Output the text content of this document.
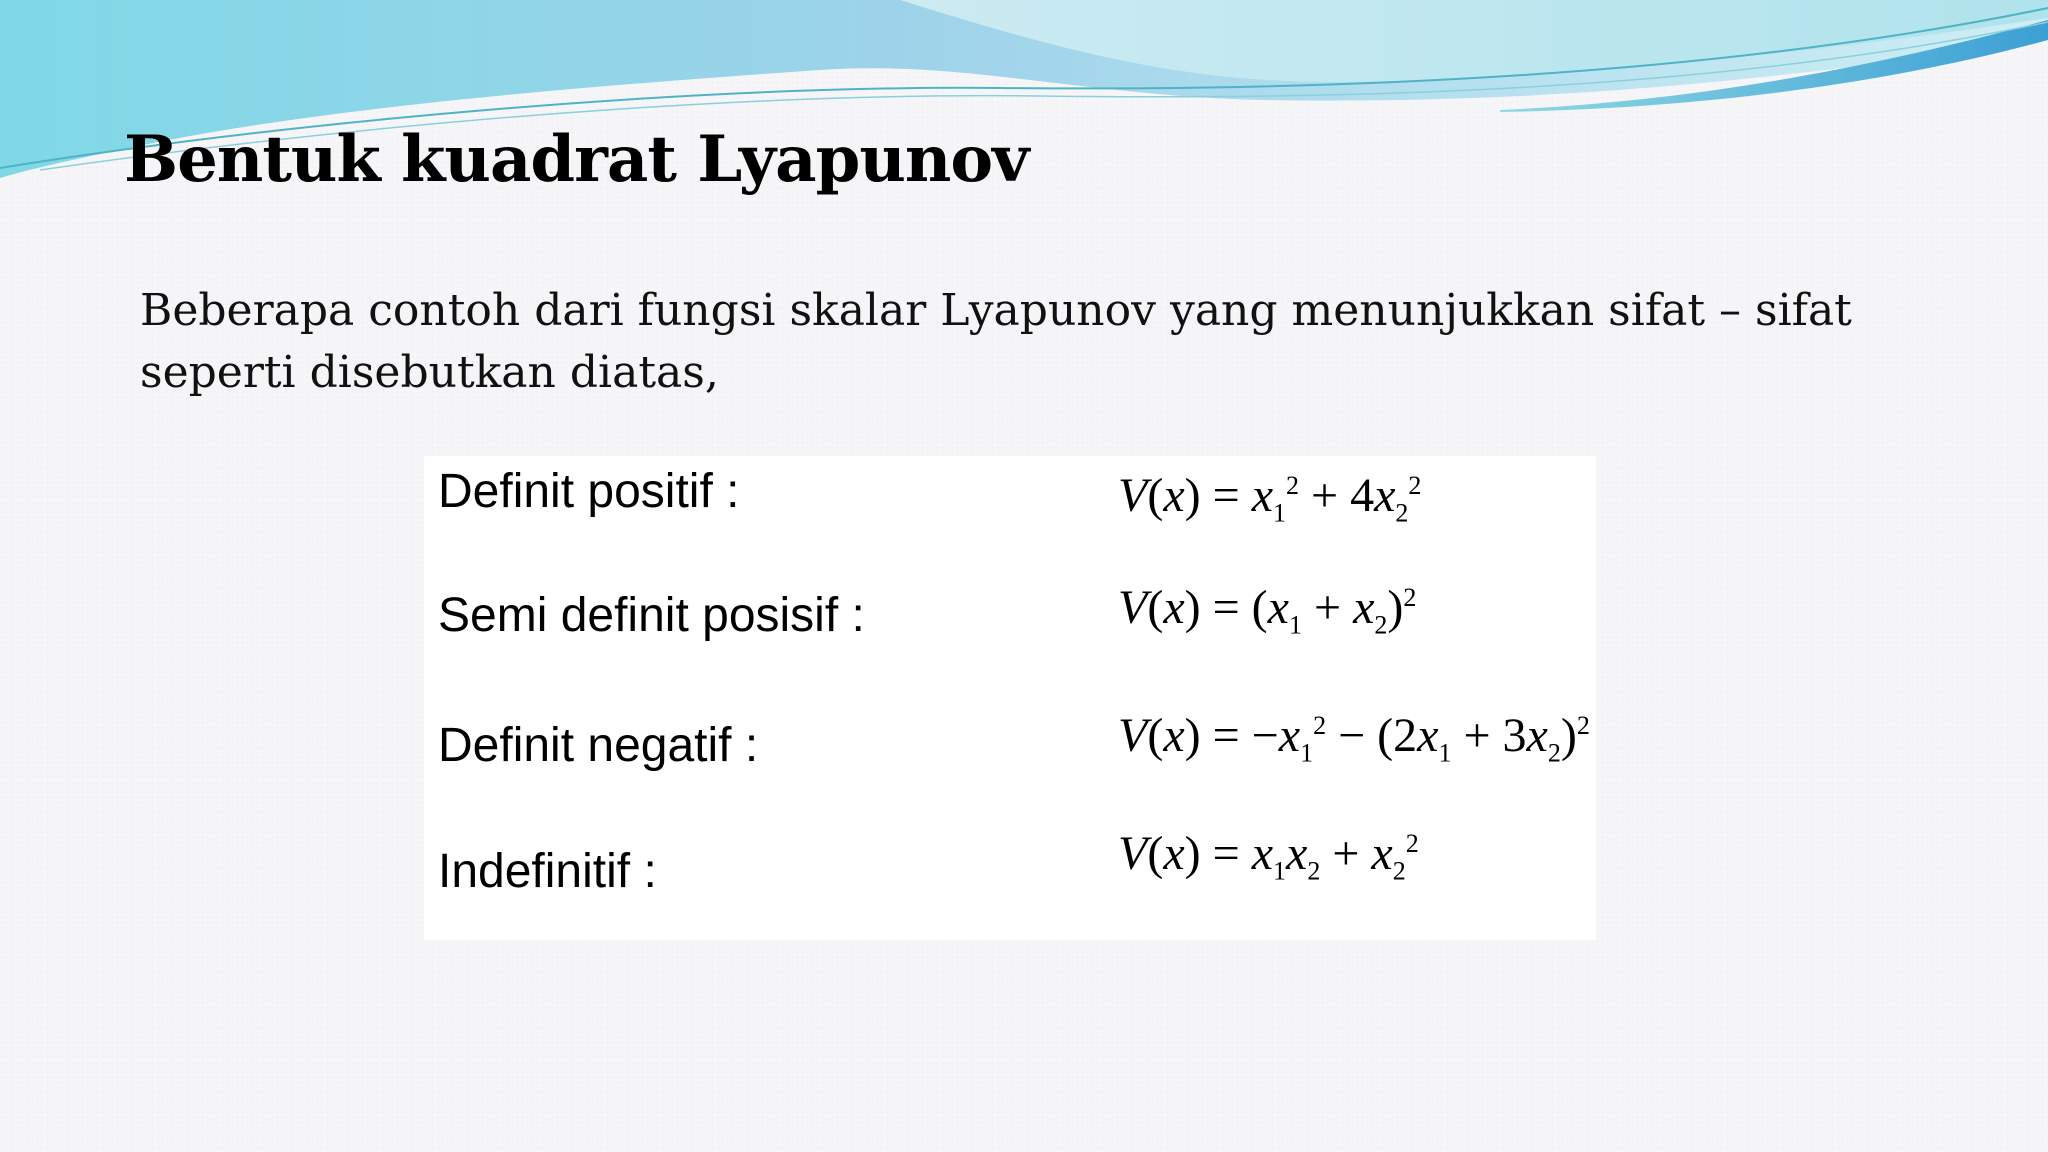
Bentuk kuadrat Lyapunov

Beberapa contoh dari fungsi skalar Lyapunov yang menunjukkan sifat – sifat
seperti disebutkan diatas,

Definit positif :	$V(x) = x_1^2 + 4x_2^2$
Semi definit posisif :	$V(x) = (x_1 + x_2)^2$
Definit negatif :	$V(x) = -x_1^2 - (2x_1 + 3x_2)^2$
Indefinitif :	$V(x) = x_1x_2 + x_2^2$
